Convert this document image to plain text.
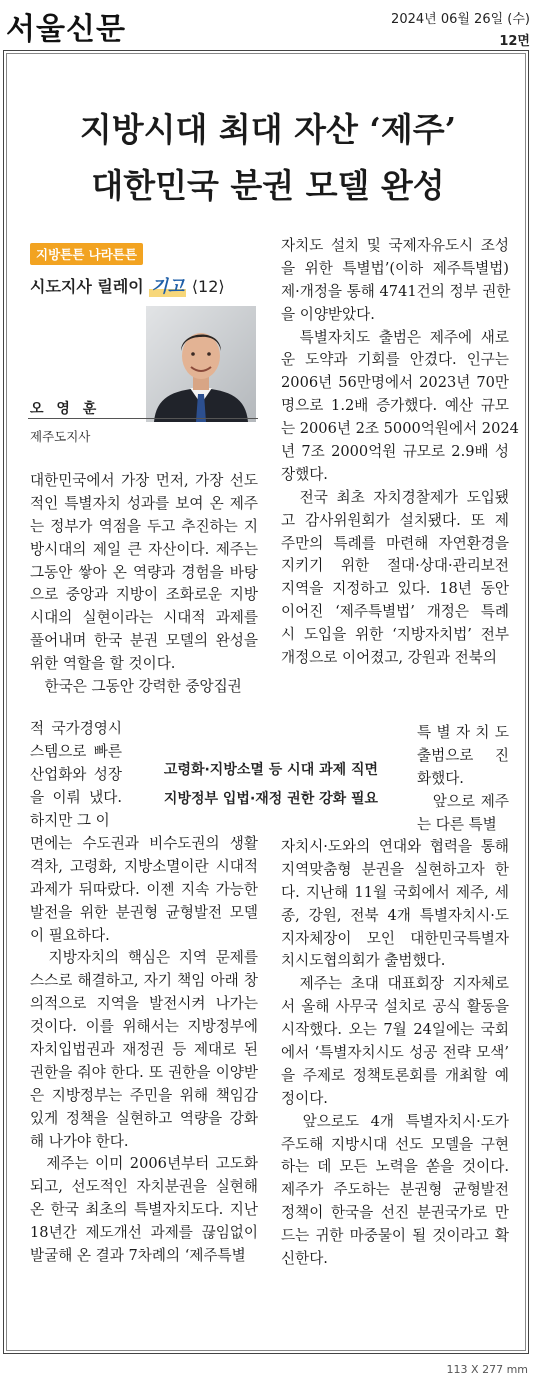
서울신문	2024년 06월 26일 (수)
12면
지방시대 최대 자산 ‘제주’
대한민국 분권 모델 완성
지방튼튼 나라튼튼
시도지사 릴레이 기고 ⟨12⟩
오 영 훈
제주도지사
대한민국에서 가장 먼저, 가장 선도
적인 특별자치 성과를 보여 온 제주
는 정부가 역점을 두고 추진하는 지
방시대의 제일 큰 자산이다. 제주는
그동안 쌓아 온 역량과 경험을 바탕
으로 중앙과 지방이 조화로운 지방
시대의 실현이라는 시대적 과제를
풀어내며 한국 분권 모델의 완성을
위한 역할을 할 것이다.
　한국은 그동안 강력한 중앙집권
적 국가경영시
스템으로 빠른
산업화와 성장
을 이뤄 냈다.
하지만 그 이
면에는 수도권과 비수도권의 생활
격차, 고령화, 지방소멸이란 시대적
과제가 뒤따랐다. 이젠 지속 가능한
발전을 위한 분권형 균형발전 모델
이 필요하다.
　지방자치의 핵심은 지역 문제를
스스로 해결하고, 자기 책임 아래 창
의적으로 지역을 발전시켜 나가는
것이다. 이를 위해서는 지방정부에
자치입법권과 재정권 등 제대로 된
권한을 줘야 한다. 또 권한을 이양받
은 지방정부는 주민을 위해 책임감
있게 정책을 실현하고 역량을 강화
해 나가야 한다.
　제주는 이미 2006년부터 고도화
되고, 선도적인 자치분권을 실현해
온 한국 최초의 특별자치도다. 지난
18년간 제도개선 과제를 끊임없이
발굴해 온 결과 7차례의 ‘제주특별
자치도 설치 및 국제자유도시 조성
을 위한 특별법’(이하 제주특별법)
제·개정을 통해 4741건의 정부 권한
을 이양받았다.
　특별자치도 출범은 제주에 새로
운 도약과 기회를 안겼다. 인구는
2006년 56만명에서 2023년 70만
명으로 1.2배 증가했다. 예산 규모
는 2006년 2조 5000억원에서 2024
년 7조 2000억원 규모로 2.9배 성
장했다.
　전국 최초 자치경찰제가 도입됐
고 감사위원회가 설치됐다. 또 제
주만의 특례를 마련해 자연환경을
지키기 위한 절대·상대·관리보전
지역을 지정하고 있다. 18년 동안
이어진 ‘제주특별법’ 개정은 특례
시 도입을 위한 ‘지방자치법’ 전부
개정으로 이어졌고, 강원과 전북의
특 별 자 치 도
출범으로 진
화했다.
　앞으로 제주
는 다른 특별
자치시·도와의 연대와 협력을 통해
지역맞춤형 분권을 실현하고자 한
다. 지난해 11월 국회에서 제주, 세
종, 강원, 전북 4개 특별자치시·도
지자체장이 모인 대한민국특별자
치시도협의회가 출범했다.
　제주는 초대 대표회장 지자체로
서 올해 사무국 설치로 공식 활동을
시작했다. 오는 7월 24일에는 국회
에서 ‘특별자치시도 성공 전략 모색’
을 주제로 정책토론회를 개최할 예
정이다.
　앞으로도 4개 특별자치시·도가
주도해 지방시대 선도 모델을 구현
하는 데 모든 노력을 쏟을 것이다.
제주가 주도하는 분권형 균형발전
정책이 한국을 선진 분권국가로 만
드는 귀한 마중물이 될 것이라고 확
신한다.
고령화·지방소멸 등 시대 과제 직면
지방정부 입법·재정 권한 강화 필요
113 X 277 mm
